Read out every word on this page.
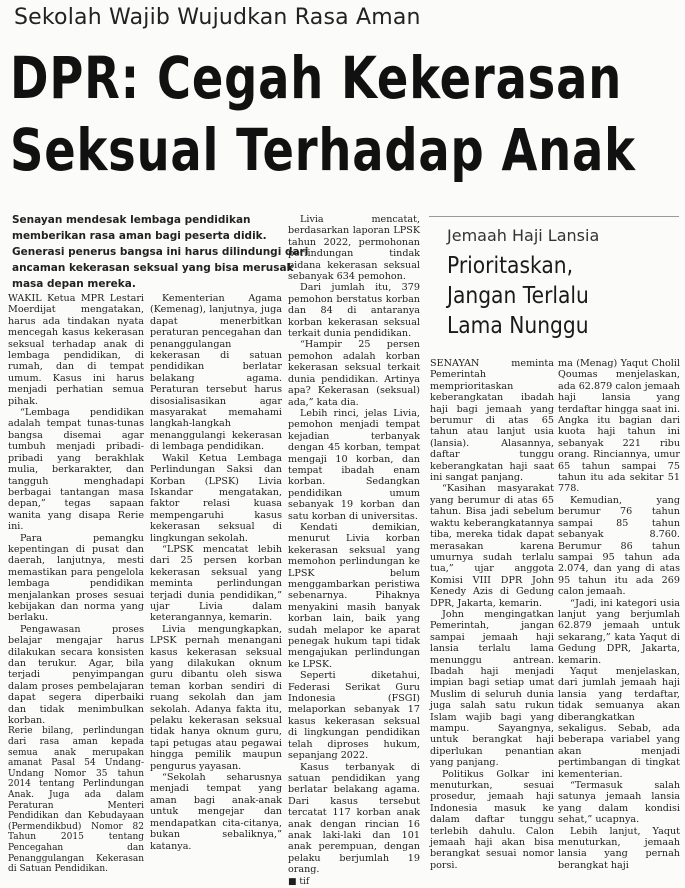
Sekolah Wajib Wujudkan Rasa Aman
DPR: Cegah Kekerasan
Seksual Terhadap Anak

Senayan mendesak lembaga pendidikan

memberikan rasa aman bagi peserta didik.

Generasi penerus bangsa ini harus dilindungi dari

ancaman kekerasan seksual yang bisa merusak

masa depan mereka.

WAKIL Ketua MPR Lestari Moerdijat mengatakan, harus ada tindakan nyata mencegah kasus kekerasan seksual terhadap anak di lembaga pendidikan, di rumah, dan di tempat umum. Kasus ini harus menjadi perhatian semua pihak.

“Lembaga pendidikan adalah tempat tunas-tunas bangsa disemai agar tumbuh menjadi pribadi-pribadi yang berakhlak mulia, berkarakter, dan tangguh menghadapi berbagai tantangan masa depan,” tegas sapaan wanita yang disapa Rerie ini.

Para pemangku kepentingan di pusat dan daerah, lanjutnya, mesti memastikan para pengelola lembaga pendidikan menjalankan proses sesuai kebijakan dan norma yang berlaku.

Pengawasan proses belajar mengajar harus dilakukan secara konsisten dan terukur. Agar, bila terjadi penyimpangan dalam proses pembelajaran dapat segera diperbaiki dan tidak menimbulkan korban.

Rerie bilang, perlindungan dari rasa aman kepada semua anak merupakan amanat Pasal 54 Undang-Undang Nomor 35 tahun 2014 tentang Perlindungan Anak. Juga ada dalam Peraturan Menteri Pendidikan dan Kebudayaan (Permendikbud) Nomor 82 Tahun 2015 tentang Pencegahan dan Penanggulangan Kekerasan di Satuan Pendidikan.

Kementerian Agama (Kemenag), lanjutnya, juga dapat menerbitkan peraturan pencegahan dan penanggulangan kekerasan di satuan pendidikan berlatar belakang agama. Peraturan tersebut harus disosialisasikan agar masyarakat memahami langkah-langkah menanggulangi kekerasan di lembaga pendidikan.

Wakil Ketua Lembaga Perlindungan Saksi dan Korban (LPSK) Livia Iskandar mengatakan, faktor relasi kuasa mempengaruhi kasus kekerasan seksual di lingkungan sekolah.

“LPSK mencatat lebih dari 25 persen korban kekerasan seksual yang meminta perlindungan terjadi dunia pendidikan,” ujar Livia dalam keterangannya, kemarin.

Livia mengungkapkan, LPSK pernah menangani kasus kekerasan seksual yang dilakukan oknum guru dibantu oleh siswa teman korban sendiri di ruang sekolah dan jam sekolah. Adanya fakta itu, pelaku kekerasan seksual tidak hanya oknum guru, tapi petugas atau pegawai hingga pemilik maupun pengurus yayasan.

“Sekolah seharusnya menjadi tempat yang aman bagi anak-anak untuk mengejar dan mendapatkan cita-citanya, bukan sebaliknya,” katanya.

Livia mencatat, berdasarkan laporan LPSK tahun 2022, permohonan perlindungan tindak pidana kekerasan seksual sebanyak 634 pemohon.

Dari jumlah itu, 379 pemohon berstatus korban dan 84 di antaranya korban kekerasan seksual terkait dunia pendidikan.

“Hampir 25 persen pemohon adalah korban kekerasan seksual terkait dunia pendidikan. Artinya apa? Kekerasan (seksual) ada,” kata dia.

Lebih rinci, jelas Livia, pemohon menjadi tempat kejadian terbanyak dengan 45 korban, tempat mengaji 10 korban, dan tempat ibadah enam korban. Sedangkan pendidikan umum sebanyak 19 korban dan satu korban di universitas.

Kendati demikian, menurut Livia korban kekerasan seksual yang memohon perlindungan ke LPSK belum menggambarkan peristiwa sebenarnya. Pihaknya menyakini masih banyak korban lain, baik yang sudah melapor ke aparat penegak hukum tapi tidak mengajukan perlindungan ke LPSK.

Seperti diketahui, Federasi Serikat Guru Indonesia (FSGI) melaporkan sebanyak 17 kasus kekerasan seksual di lingkungan pendidikan telah diproses hukum, sepanjang 2022.

Kasus terbanyak di satuan pendidikan yang berlatar belakang agama. Dari kasus tersebut tercatat 117 korban anak anak dengan rincian 16 anak laki-laki dan 101 anak perempuan, dengan pelaku berjumlah 19 orang.

■ tif
Jemaah Haji Lansia
Prioritaskan,
Jangan Terlalu
Lama Nunggu

SENAYAN meminta Pemerintah memprioritaskan keberangkatan ibadah haji bagi jemaah yang berumur di atas 65 tahun atau lanjut usia (lansia). Alasannya, daftar tunggu keberangkatan haji saat ini sangat panjang.

“Kasihan masyarakat yang berumur di atas 65 tahun. Bisa jadi sebelum waktu keberangkatannya tiba, mereka tidak dapat merasakan karena umurnya sudah terlalu tua,” ujar anggota Komisi VIII DPR John Kenedy Azis di Gedung DPR, Jakarta, kemarin.

John mengingatkan Pemerintah, jangan sampai jemaah haji lansia terlalu lama menunggu antrean. Ibadah haji menjadi impian bagi setiap umat Muslim di seluruh dunia juga salah satu rukun Islam wajib bagi yang mampu. Sayangnya, untuk berangkat haji diperlukan penantian yang panjang.

Politikus Golkar ini menuturkan, sesuai prosedur, jemaah haji Indonesia masuk ke dalam daftar tunggu terlebih dahulu. Calon jemaah haji akan bisa berangkat sesuai nomor porsi.

ma (Menag) Yaqut Cholil Qoumas menjelaskan, ada 62.879 calon jemaah haji lansia yang terdaftar hingga saat ini. Angka itu bagian dari kuota haji tahun ini sebanyak 221 ribu orang. Rinciannya, umur 65 tahun sampai 75 tahun itu ada sekitar 51 778.

Kemudian, yang berumur 76 tahun sampai 85 tahun sebanyak 8.760. Berumur 86 tahun sampai 95 tahun ada 2.074, dan yang di atas 95 tahun itu ada 269 calon jemaah.

“Jadi, ini kategori usia lanjut yang berjumlah 62.879 jemaah untuk sekarang,” kata Yaqut di Gedung DPR, Jakarta, kemarin.

Yaqut menjelaskan, dari jumlah jemaah haji lansia yang terdaftar, tidak semuanya akan diberangkatkan sekaligus. Sebab, ada beberapa variabel yang akan menjadi pertimbangan di tingkat kementerian.

“Termasuk salah satunya jemaah lansia yang dalam kondisi sehat,” ucapnya.

Lebih lanjut, Yaqut menuturkan, jemaah lansia yang pernah berangkat haji
